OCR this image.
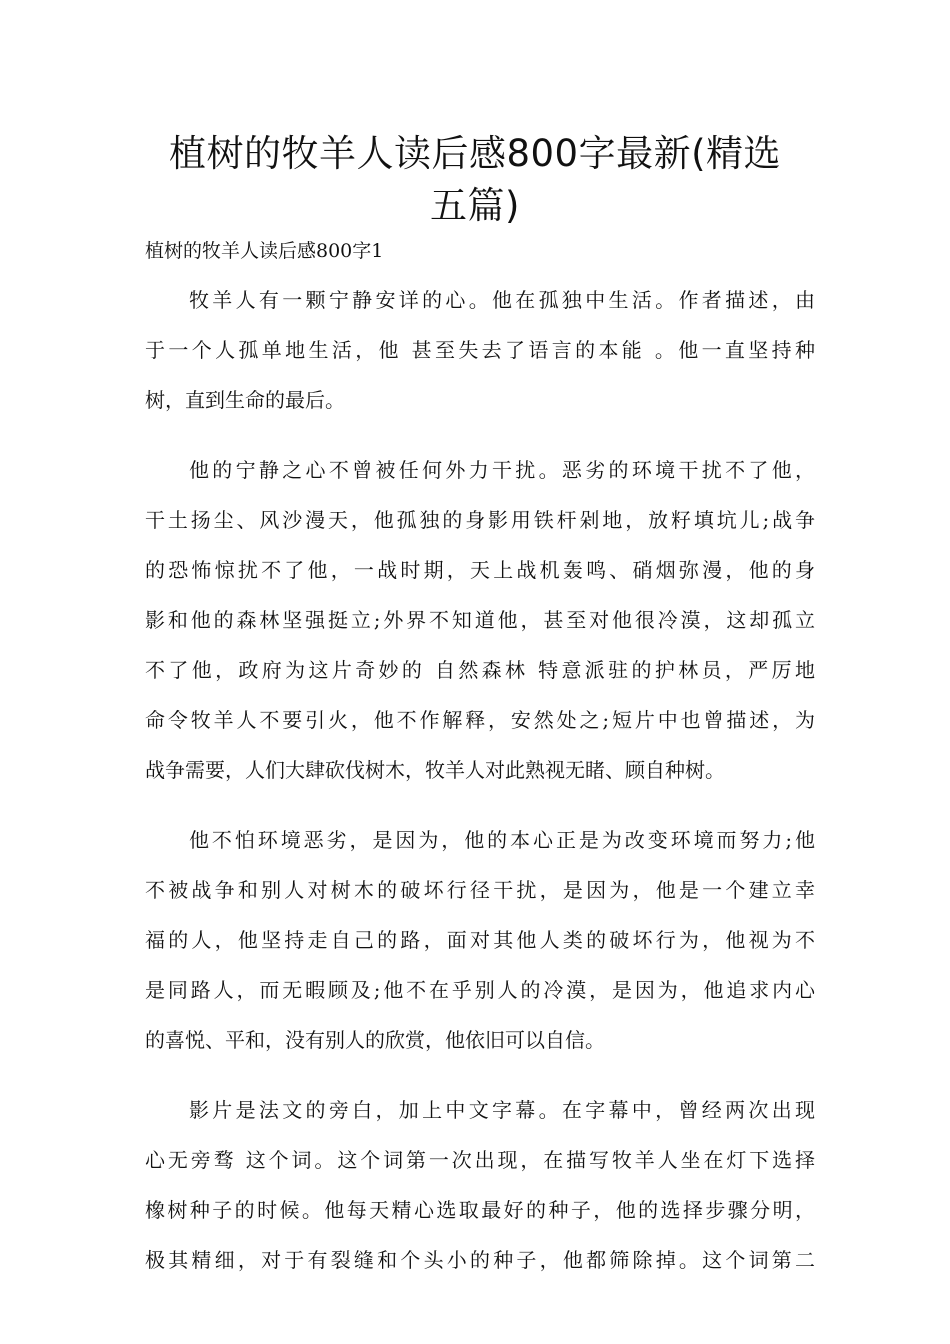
植树的牧羊人读后感800字最新(精选
五篇)
植树的牧羊人读后感800字1
牧羊人有一颗宁静安详的心。他在孤独中生活。作者描述，由
于一个人孤单地生活，他 甚至失去了语言的本能 。他一直坚持种
树，直到生命的最后。
他的宁静之心不曾被任何外力干扰。恶劣的环境干扰不了他，
干土扬尘、风沙漫天，他孤独的身影用铁杆剁地，放籽填坑儿;战争
的恐怖惊扰不了他，一战时期，天上战机轰鸣、硝烟弥漫，他的身
影和他的森林坚强挺立;外界不知道他，甚至对他很冷漠，这却孤立
不了他，政府为这片奇妙的 自然森林 特意派驻的护林员，严厉地
命令牧羊人不要引火，他不作解释，安然处之;短片中也曾描述，为
战争需要，人们大肆砍伐树木，牧羊人对此熟视无睹、顾自种树。
他不怕环境恶劣，是因为，他的本心正是为改变环境而努力;他
不被战争和别人对树木的破坏行径干扰，是因为，他是一个建立幸
福的人，他坚持走自己的路，面对其他人类的破坏行为，他视为不
是同路人，而无暇顾及;他不在乎别人的冷漠，是因为，他追求内心
的喜悦、平和，没有别人的欣赏，他依旧可以自信。
影片是法文的旁白，加上中文字幕。在字幕中，曾经两次出现
心无旁骛 这个词。这个词第一次出现，在描写牧羊人坐在灯下选择
橡树种子的时候。他每天精心选取最好的种子，他的选择步骤分明，
极其精细，对于有裂缝和个头小的种子，他都筛除掉。这个词第二
